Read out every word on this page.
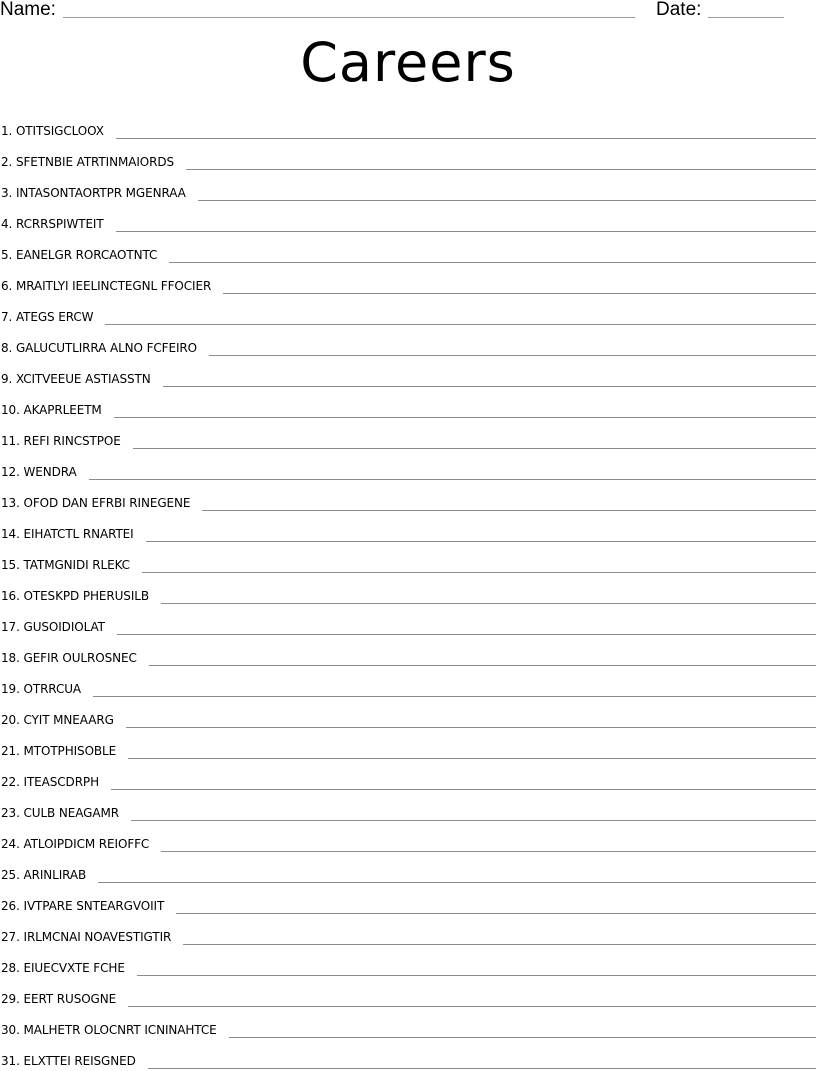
Name:	Date:
Careers
1. OTITSIGCLOOX
2. SFETNBIE ATRTINMAIORDS
3. INTASONTAORTPR MGENRAA
4. RCRRSPIWTEIT
5. EANELGR RORCAOTNTC
6. MRAITLYI IEELINCTEGNL FFOCIER
7. ATEGS ERCW
8. GALUCUTLIRRA ALNO FCFEIRO
9. XCITVEEUE ASTIASSTN
10. AKAPRLEETM
11. REFI RINCSTPOE
12. WENDRA
13. OFOD DAN EFRBI RINEGENE
14. EIHATCTL RNARTEI
15. TATMGNIDI RLEKC
16. OTESKPD PHERUSILB
17. GUSOIDIOLAT
18. GEFIR OULROSNEC
19. OTRRCUA
20. CYIT MNEAARG
21. MTOTPHISOBLE
22. ITEASCDRPH
23. CULB NEAGAMR
24. ATLOIPDICM REIOFFC
25. ARINLIRAB
26. IVTPARE SNTEARGVOIIT
27. IRLMCNAI NOAVESTIGTIR
28. EIUECVXTE FCHE
29. EERT RUSOGNE
30. MALHETR OLOCNRT ICNINAHTCE
31. ELXTTEI REISGNED
